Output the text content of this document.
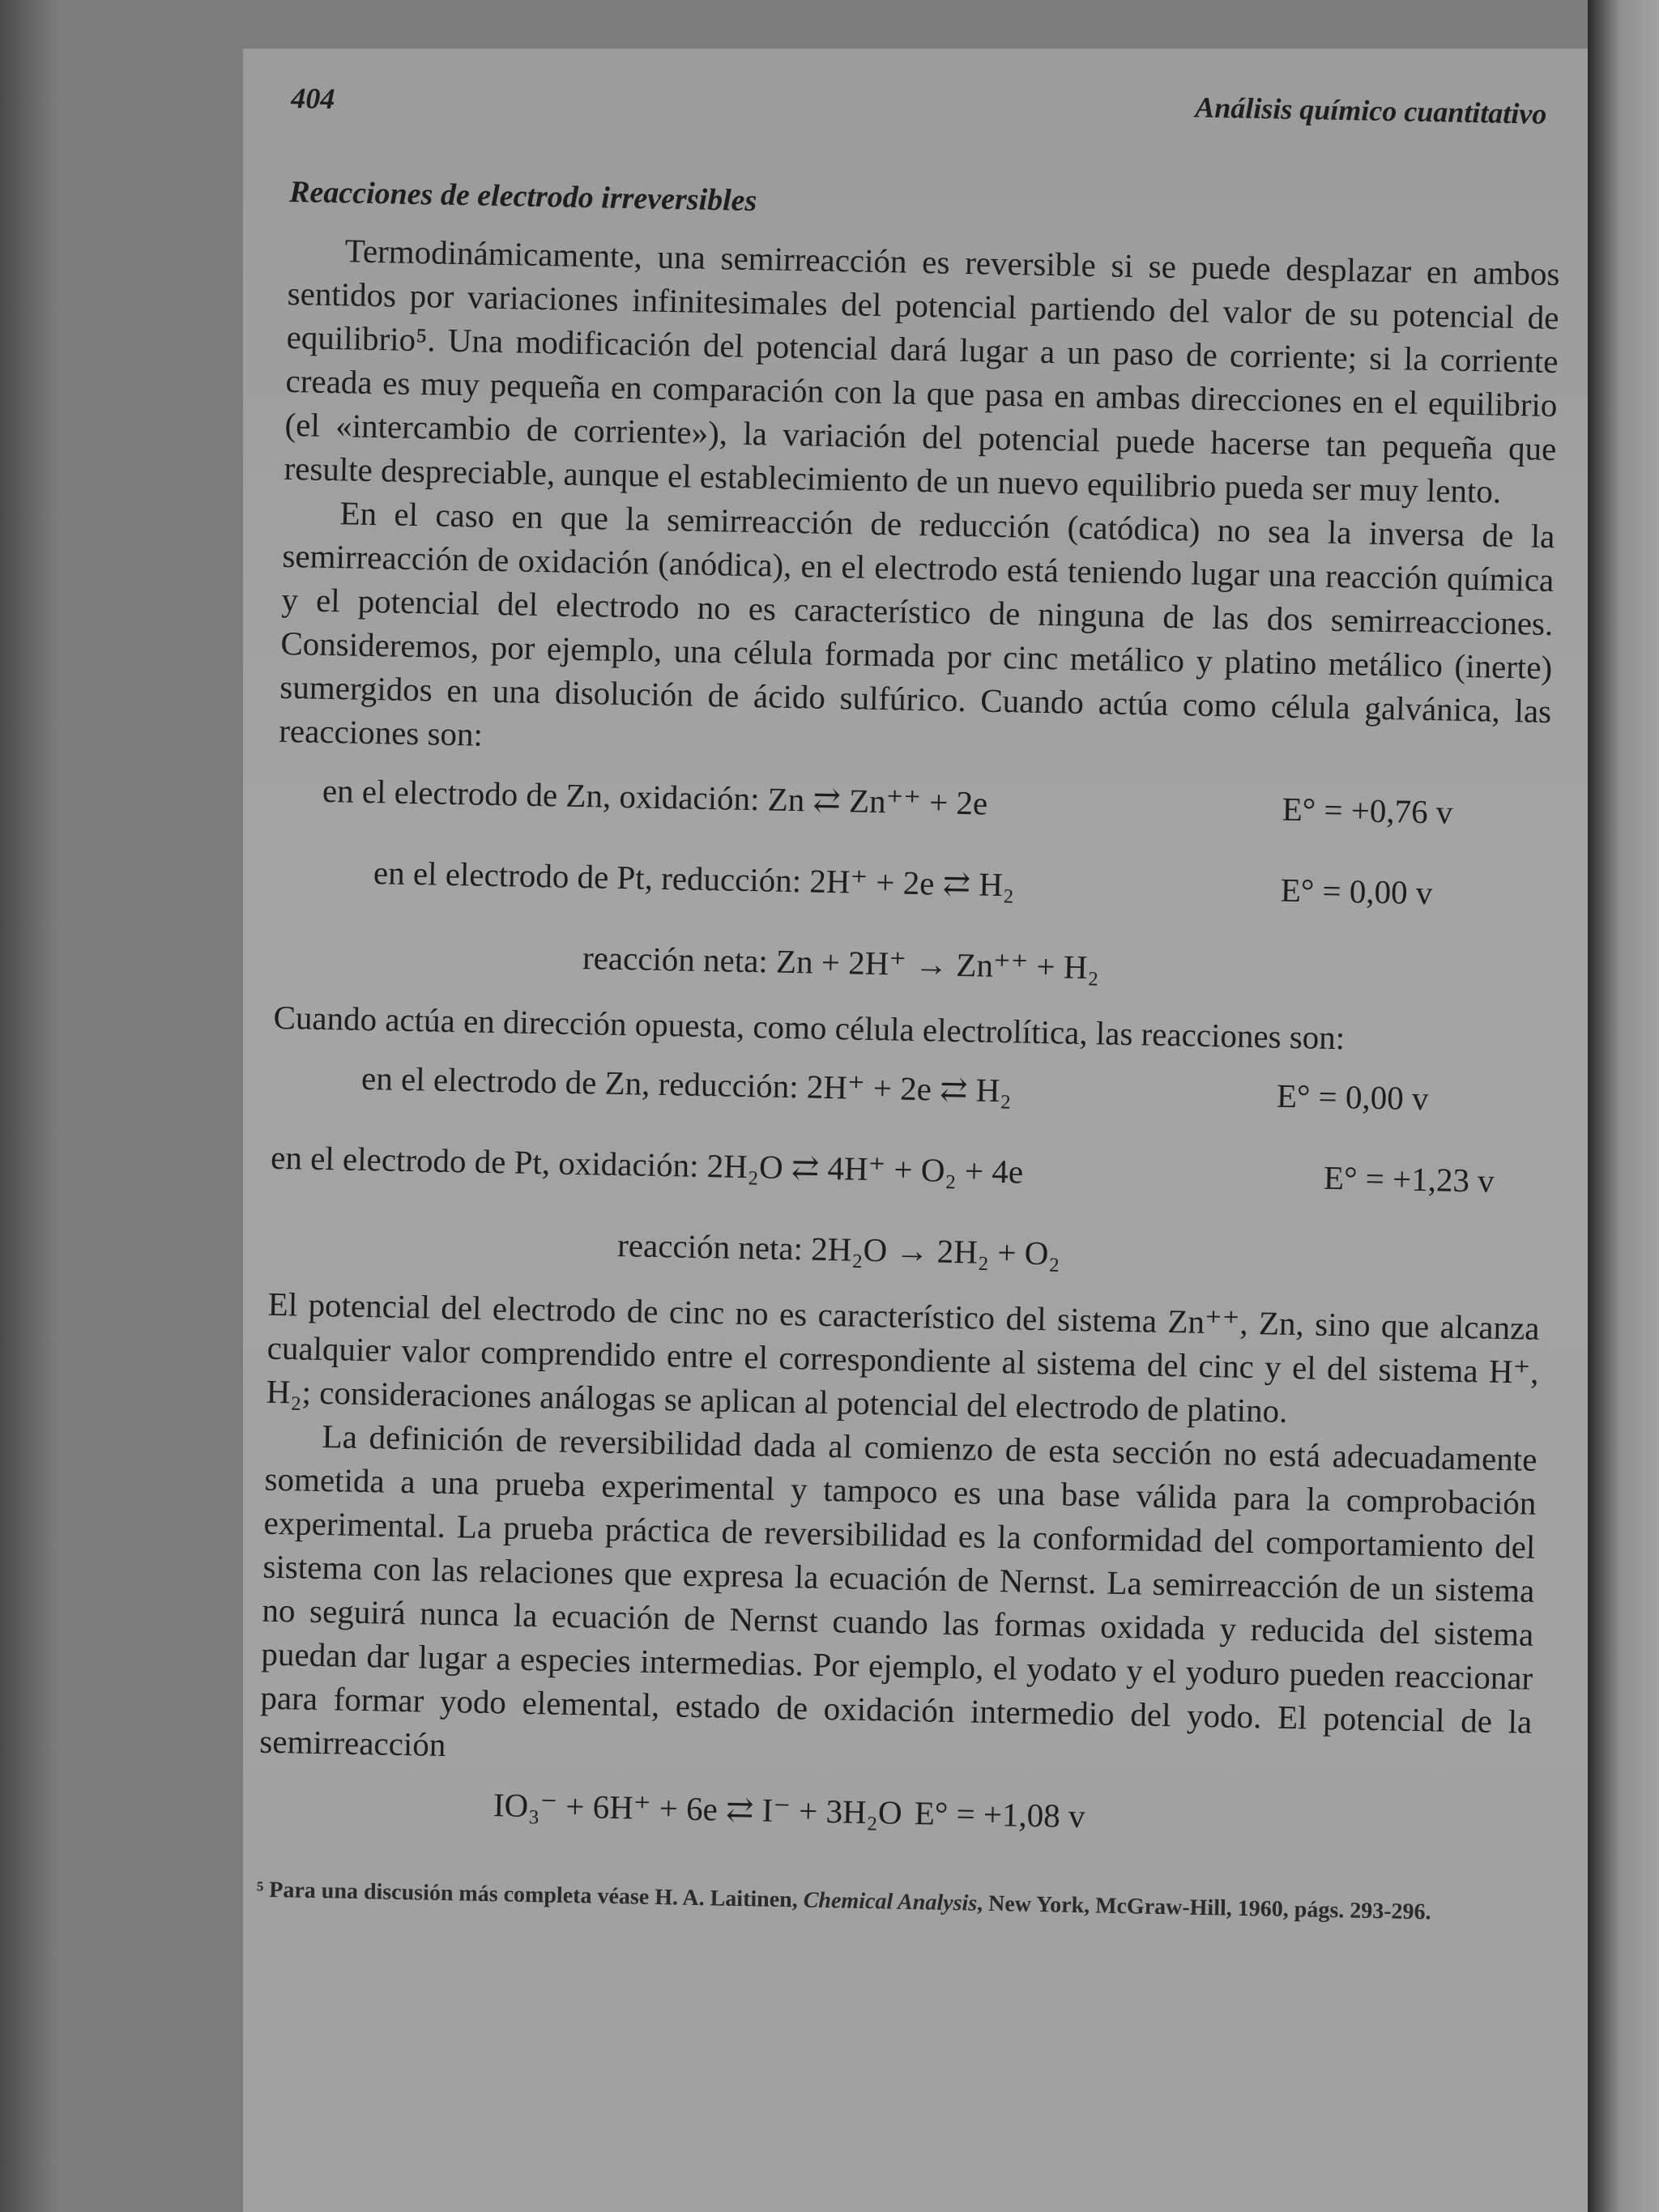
404	Análisis químico cuantitativo
Reacciones de electrodo irreversibles

Termodinámicamente, una semirreacción es reversible si se puede desplazar en ambos sentidos por variaciones infinitesimales del potencial partiendo del valor de su potencial de equilibrio⁵. Una modificación del potencial dará lugar a un paso de corriente; si la corriente creada es muy pequeña en comparación con la que pasa en ambas direcciones en el equilibrio (el «intercambio de corriente»), la variación del potencial puede hacerse tan pequeña que resulte despreciable, aunque el establecimiento de un nuevo equilibrio pueda ser muy lento.

En el caso en que la semirreacción de reducción (catódica) no sea la inversa de la semirreacción de oxidación (anódica), en el electrodo está teniendo lugar una reacción química y el potencial del electrodo no es característico de ninguna de las dos semirreacciones. Consideremos, por ejemplo, una célula formada por cinc metálico y platino metálico (inerte) sumergidos en una disolución de ácido sulfúrico. Cuando actúa como célula galvánica, las reacciones son:

en el electrodo de Zn, oxidación: Zn ⇄ Zn⁺⁺ + 2e	E° = +0,76 v
en el electrodo de Pt, reducción: 2H⁺ + 2e ⇄ H₂	E° = 0,00 v
reacción neta: Zn + 2H⁺ → Zn⁺⁺ + H₂

Cuando actúa en dirección opuesta, como célula electrolítica, las reacciones son:

en el electrodo de Zn, reducción: 2H⁺ + 2e ⇄ H₂	E° = 0,00 v
en el electrodo de Pt, oxidación: 2H₂O ⇄ 4H⁺ + O₂ + 4e	E° = +1,23 v
reacción neta: 2H₂O → 2H₂ + O₂

El potencial del electrodo de cinc no es característico del sistema Zn⁺⁺, Zn, sino que alcanza cualquier valor comprendido entre el correspondiente al sistema del cinc y el del sistema H⁺, H₂; consideraciones análogas se aplican al potencial del electrodo de platino.

La definición de reversibilidad dada al comienzo de esta sección no está adecuadamente sometida a una prueba experimental y tampoco es una base válida para la comprobación experimental. La prueba práctica de reversibilidad es la conformidad del comportamiento del sistema con las relaciones que expresa la ecuación de Nernst. La semirreacción de un sistema no seguirá nunca la ecuación de Nernst cuando las formas oxidada y reducida del sistema puedan dar lugar a especies intermedias. Por ejemplo, el yodato y el yoduro pueden reaccionar para formar yodo elemental, estado de oxidación intermedio del yodo. El potencial de la semirreacción

IO₃⁻ + 6H⁺ + 6e ⇄ I⁻ + 3H₂O E° = +1,08 v
⁵ Para una discusión más completa véase H. A. Laitinen, Chemical Analysis, New York, McGraw-Hill, 1960, págs. 293-296.
